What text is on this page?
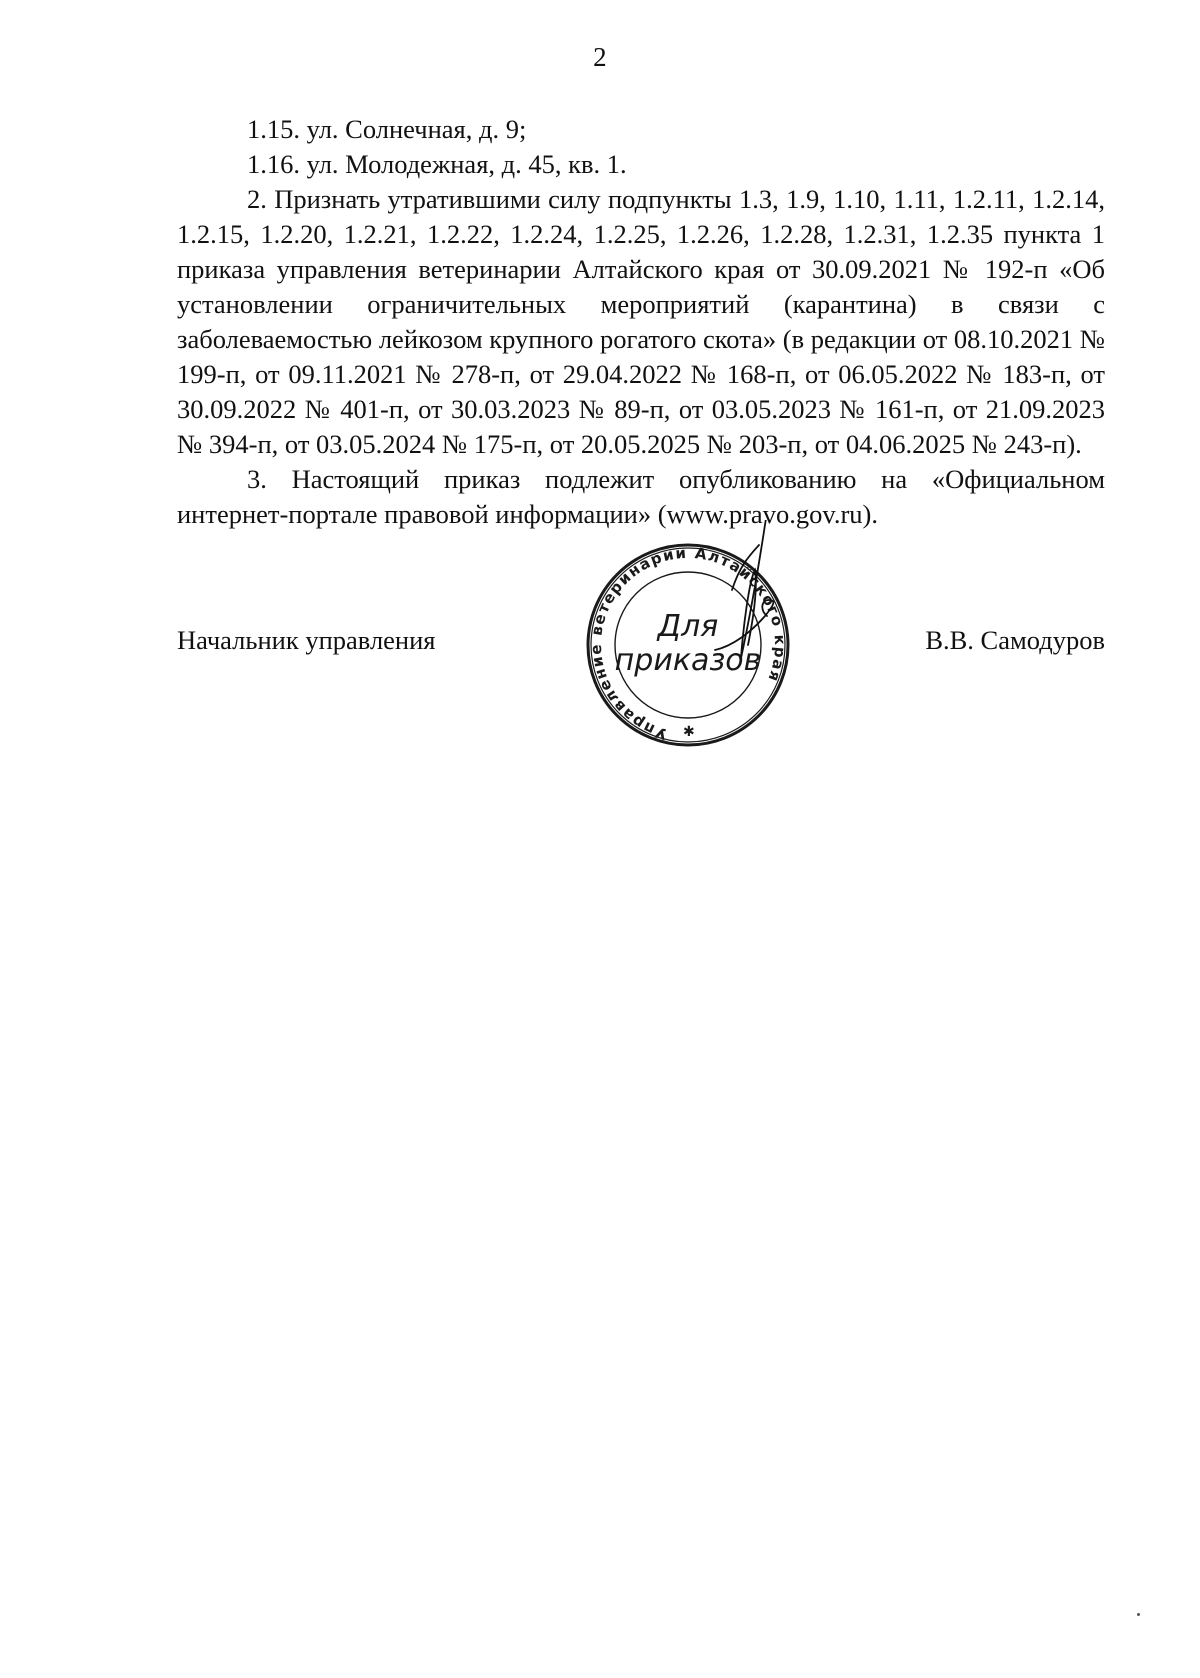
2

1.15. ул. Солнечная, д. 9;

1.16. ул. Молодежная, д. 45, кв. 1.

2. Признать утратившими силу подпункты 1.3, 1.9, 1.10, 1.11, 1.2.11, 1.2.14, 1.2.15, 1.2.20, 1.2.21, 1.2.22, 1.2.24, 1.2.25, 1.2.26, 1.2.28, 1.2.31, 1.2.35 пункта 1 приказа управления ветеринарии Алтайского края от 30.09.2021 № 192-п «Об установлении ограничительных мероприятий (карантина) в связи с заболеваемостью лейкозом крупного рогатого скота» (в редакции от 08.10.2021 № 199-п, от 09.11.2021 № 278-п, от 29.04.2022 № 168-п, от 06.05.2022 № 183-п, от 30.09.2022 № 401-п, от 30.03.2023 № 89-п, от 03.05.2023 № 161-п, от 21.09.2023 № 394-п, от 03.05.2024 № 175-п, от 20.05.2025 № 203-п, от 04.06.2025 № 243-п).

3. Настоящий приказ подлежит опубликованию на «Официальном интернет-портале правовой информации» (www.pravo.gov.ru).

Начальник управления	В.В. Самодуров
Управление ветеринарии Алтайского края
✱
Для
приказов
